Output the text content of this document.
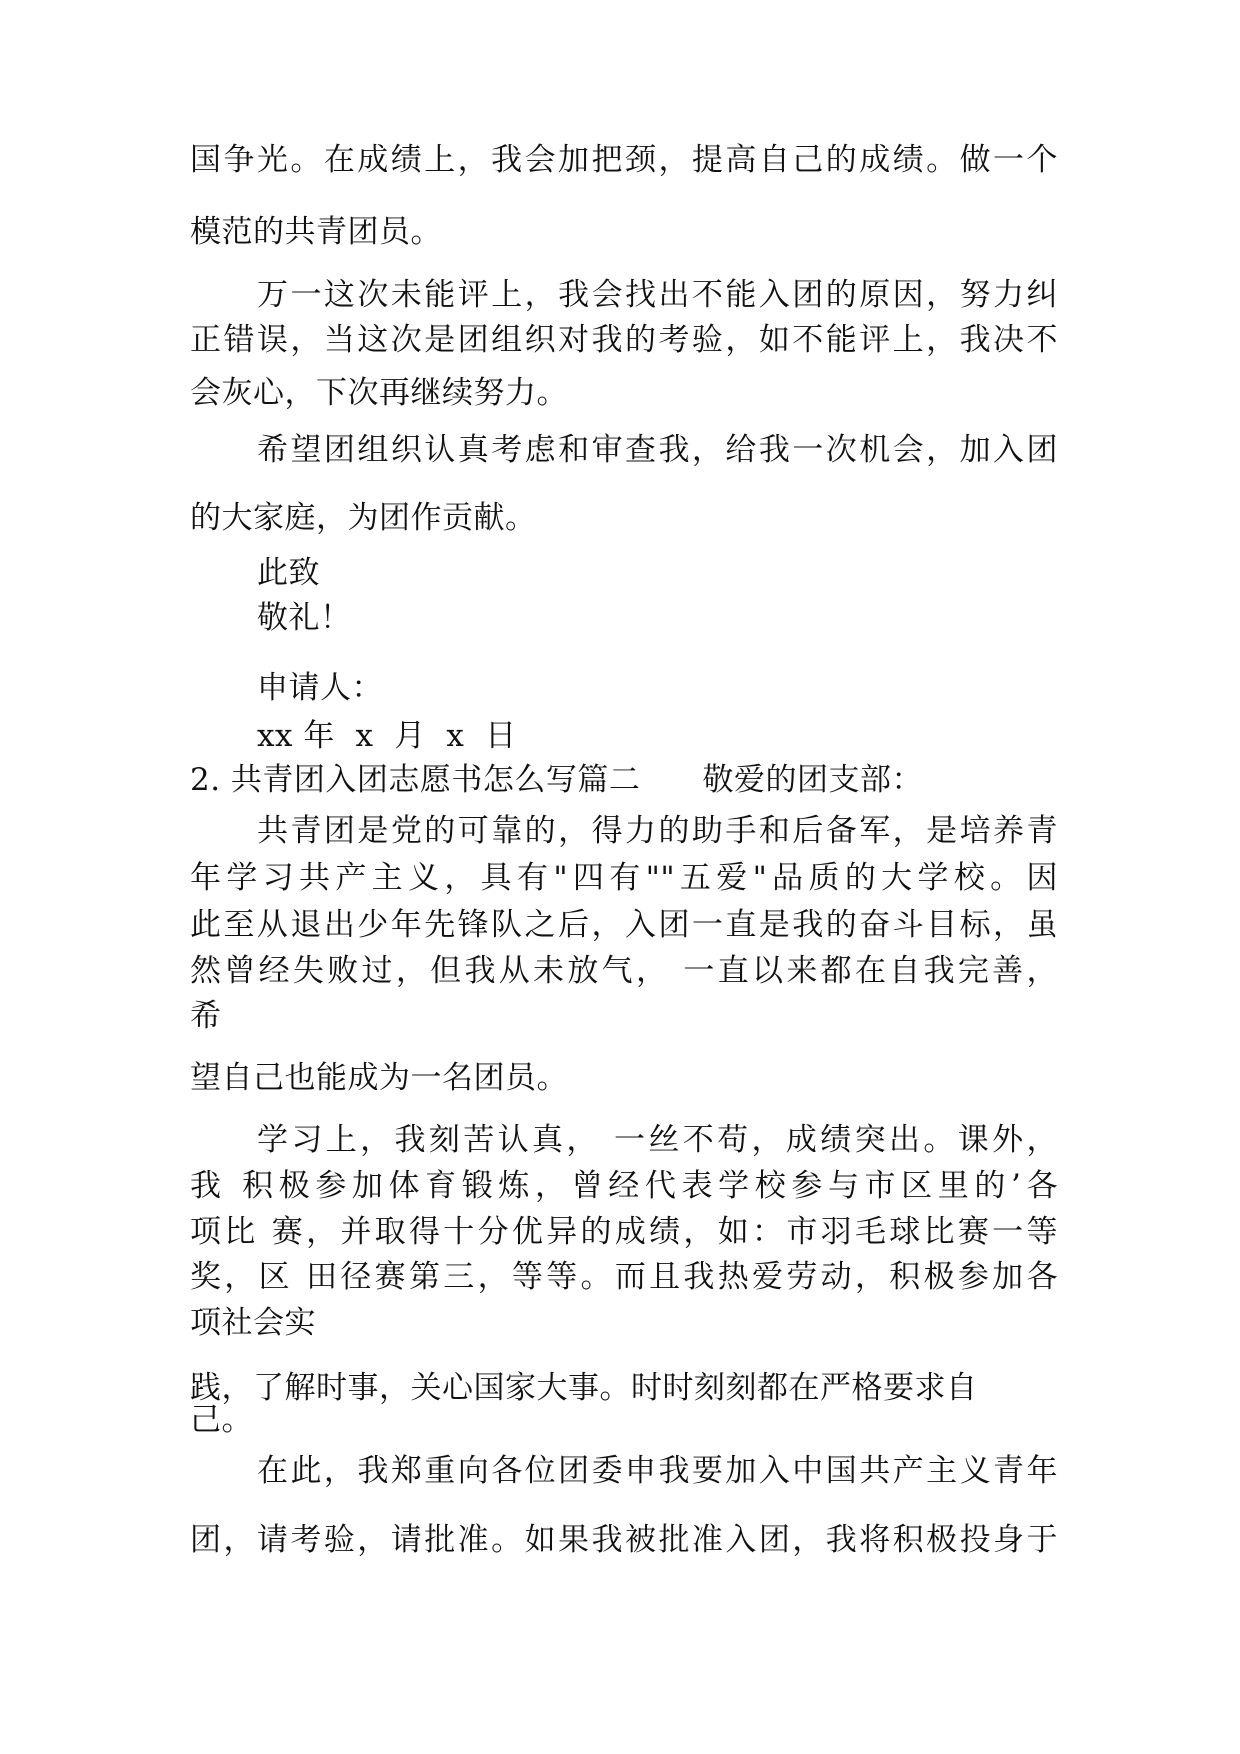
国争光。在成绩上，我会加把颈，提高自己的成绩。做一个
模范的共青团员。
万一这次未能评上，我会找出不能入团的原因，努力纠
正错误，当这次是团组织对我的考验，如不能评上，我决不
会灰心，下次再继续努力。
希望团组织认真考虑和审查我，给我一次机会，加入团
的大家庭，为团作贡献。
此致
敬礼！
申请人：
xx 年  x  月  x  日
2. 共青团入团志愿书怎么写篇二      敬爱的团支部：
共青团是党的可靠的，得力的助手和后备军，是培养青
年学习共产主义，具有"四有""五爱"品质的大学校。因
此至从退出少年先锋队之后，入团一直是我的奋斗目标，虽
然曾经失败过，但我从未放气， 一直以来都在自我完善，
希
望自己也能成为一名团员。
学习上，我刻苦认真， 一丝不苟，成绩突出。课外，
我 积极参加体育锻炼，曾经代表学校参与市区里的’各
项比 赛，并取得十分优异的成绩，如：市羽毛球比赛一等
奖，区 田径赛第三，等等。而且我热爱劳动，积极参加各
项社会实
践，了解时事，关心国家大事。时时刻刻都在严格要求自
己。
在此，我郑重向各位团委申我要加入中国共产主义青年
团，请考验，请批准。如果我被批准入团，我将积极投身于
